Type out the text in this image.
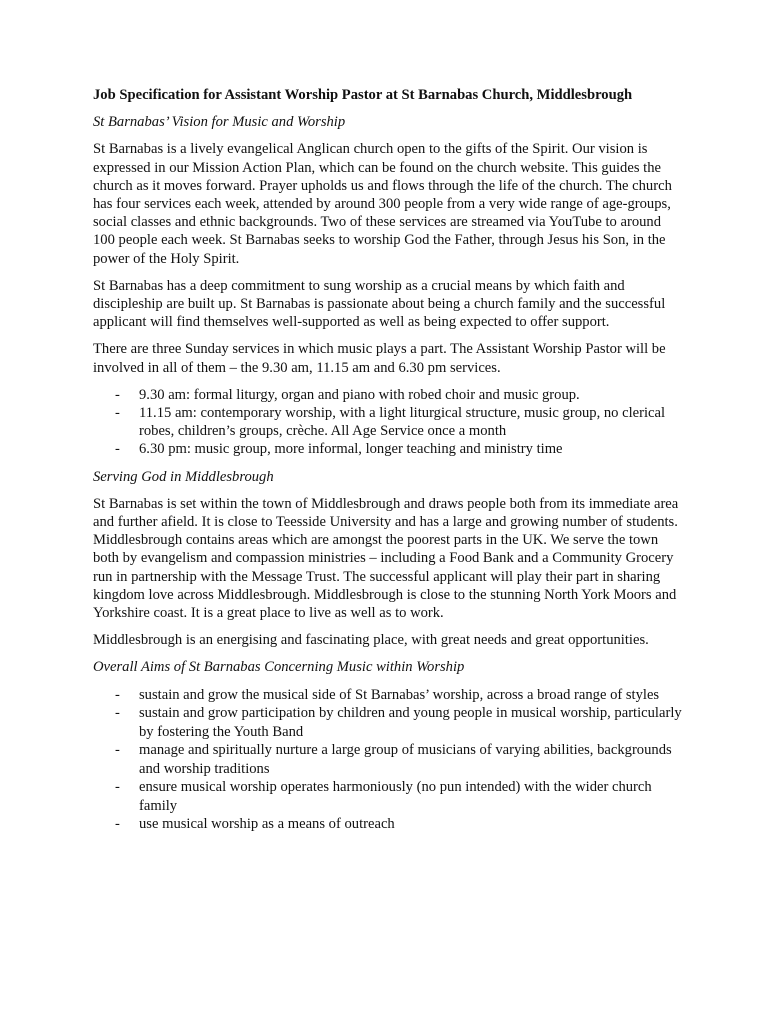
Job Specification for Assistant Worship Pastor at St Barnabas Church, Middlesbrough
St Barnabas’ Vision for Music and Worship

St Barnabas is a lively evangelical Anglican church open to the gifts of the Spirit. Our vision is expressed in our Mission Action Plan, which can be found on the church website. This guides the church as it moves forward. Prayer upholds us and flows through the life of the church. The church has four services each week, attended by around 300 people from a very wide range of age-groups, social classes and ethnic backgrounds. Two of these services are streamed via YouTube to around 100 people each week. St Barnabas seeks to worship God the Father, through Jesus his Son, in the power of the Holy Spirit.

St Barnabas has a deep commitment to sung worship as a crucial means by which faith and discipleship are built up. St Barnabas is passionate about being a church family and the successful applicant will find themselves well-supported as well as being expected to offer support.

There are three Sunday services in which music plays a part. The Assistant Worship Pastor will be involved in all of them – the 9.30 am, 11.15 am and 6.30 pm services.

- 9.30 am: formal liturgy, organ and piano with robed choir and music group.
- 11.15 am: contemporary worship, with a light liturgical structure, music group, no clerical robes, children’s groups, crèche. All Age Service once a month
- 6.30 pm: music group, more informal, longer teaching and ministry time
Serving God in Middlesbrough

St Barnabas is set within the town of Middlesbrough and draws people both from its immediate area and further afield. It is close to Teesside University and has a large and growing number of students. Middlesbrough contains areas which are amongst the poorest parts in the UK. We serve the town both by evangelism and compassion ministries – including a Food Bank and a Community Grocery run in partnership with the Message Trust. The successful applicant will play their part in sharing kingdom love across Middlesbrough. Middlesbrough is close to the stunning North York Moors and Yorkshire coast. It is a great place to live as well as to work.

Middlesbrough is an energising and fascinating place, with great needs and great opportunities.

Overall Aims of St Barnabas Concerning Music within Worship
- sustain and grow the musical side of St Barnabas’ worship, across a broad range of styles
- sustain and grow participation by children and young people in musical worship, particularly by fostering the Youth Band
- manage and spiritually nurture a large group of musicians of varying abilities, backgrounds and worship traditions
- ensure musical worship operates harmoniously (no pun intended) with the wider church family
- use musical worship as a means of outreach
